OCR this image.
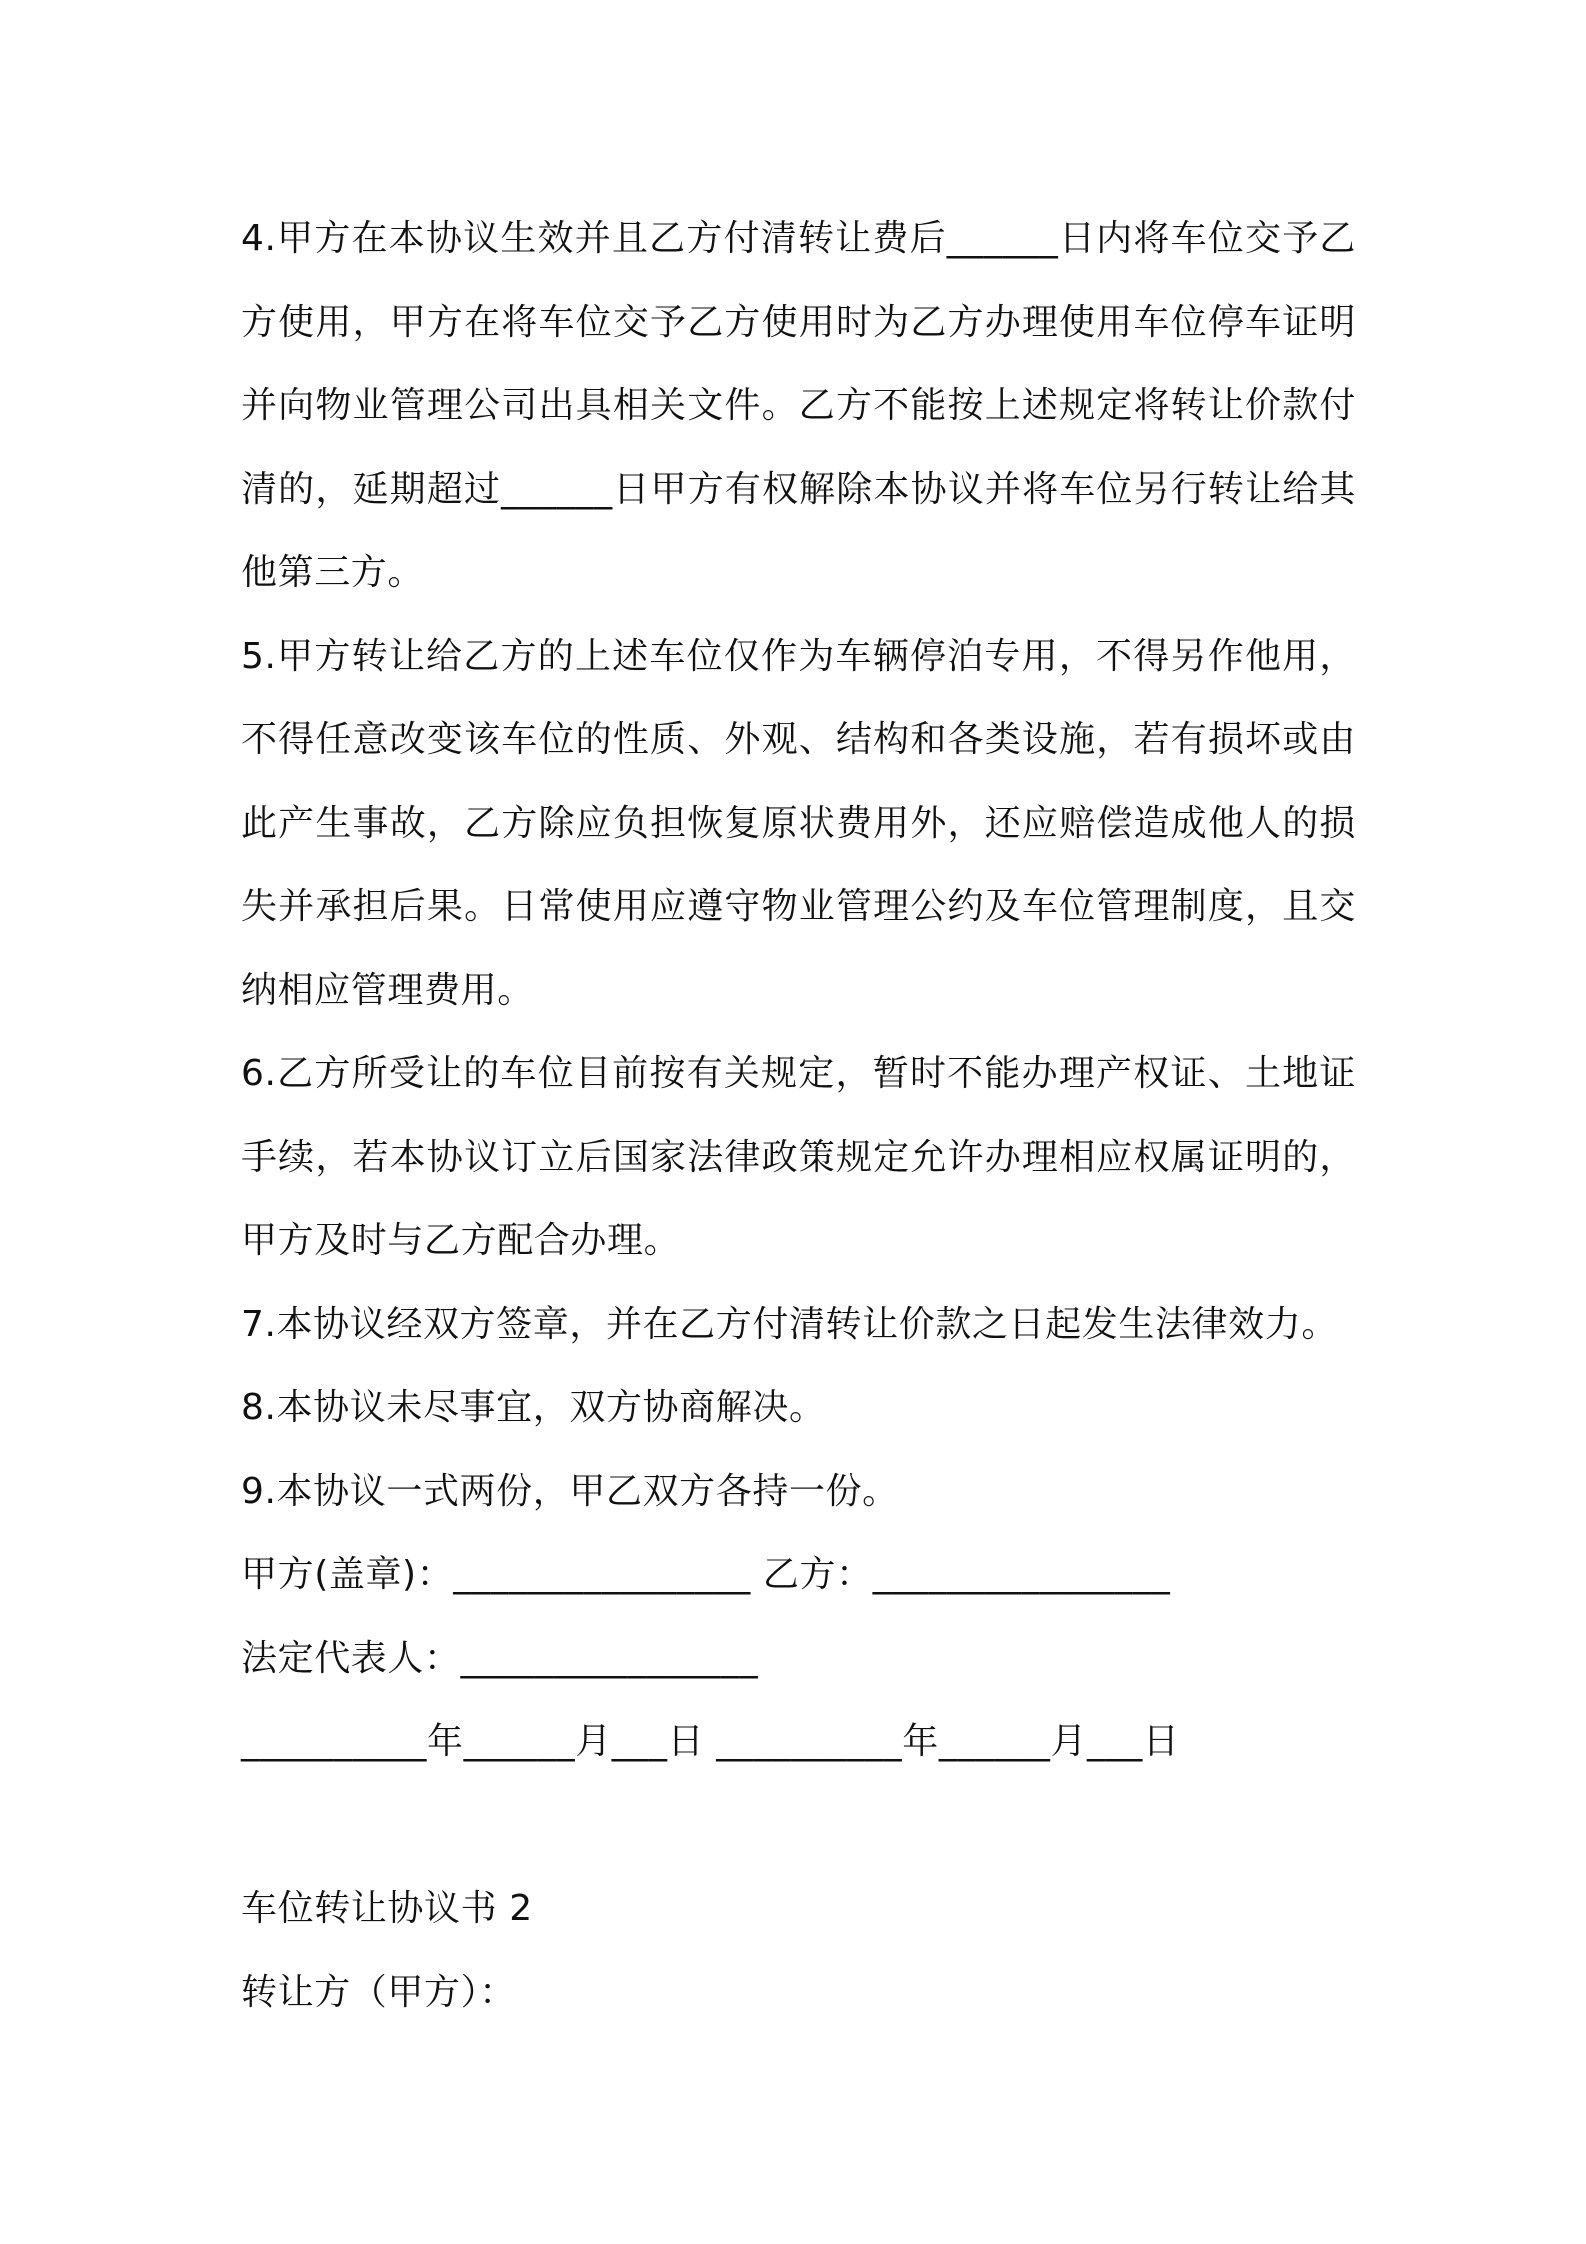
4.甲方在本协议生效并且乙方付清转让费后______日内将车位交予乙方使用，甲方在将车位交予乙方使用时为乙方办理使用车位停车证明并向物业管理公司出具相关文件。乙方不能按上述规定将转让价款付清的，延期超过______日甲方有权解除本协议并将车位另行转让给其他第三方。

5.甲方转让给乙方的上述车位仅作为车辆停泊专用，不得另作他用，不得任意改变该车位的性质、外观、结构和各类设施，若有损坏或由此产生事故，乙方除应负担恢复原状费用外，还应赔偿造成他人的损失并承担后果。日常使用应遵守物业管理公约及车位管理制度，且交纳相应管理费用。

6.乙方所受让的车位目前按有关规定，暂时不能办理产权证、土地证手续，若本协议订立后国家法律政策规定允许办理相应权属证明的，甲方及时与乙方配合办理。

7.本协议经双方签章，并在乙方付清转让价款之日起发生法律效力。

8.本协议未尽事宜，双方协商解决。

9.本协议一式两份，甲乙双方各持一份。

甲方(盖章)：________________ 乙方：________________

法定代表人：________________

__________年______月___日 __________年______月___日

车位转让协议书 2

转让方（甲方）：
